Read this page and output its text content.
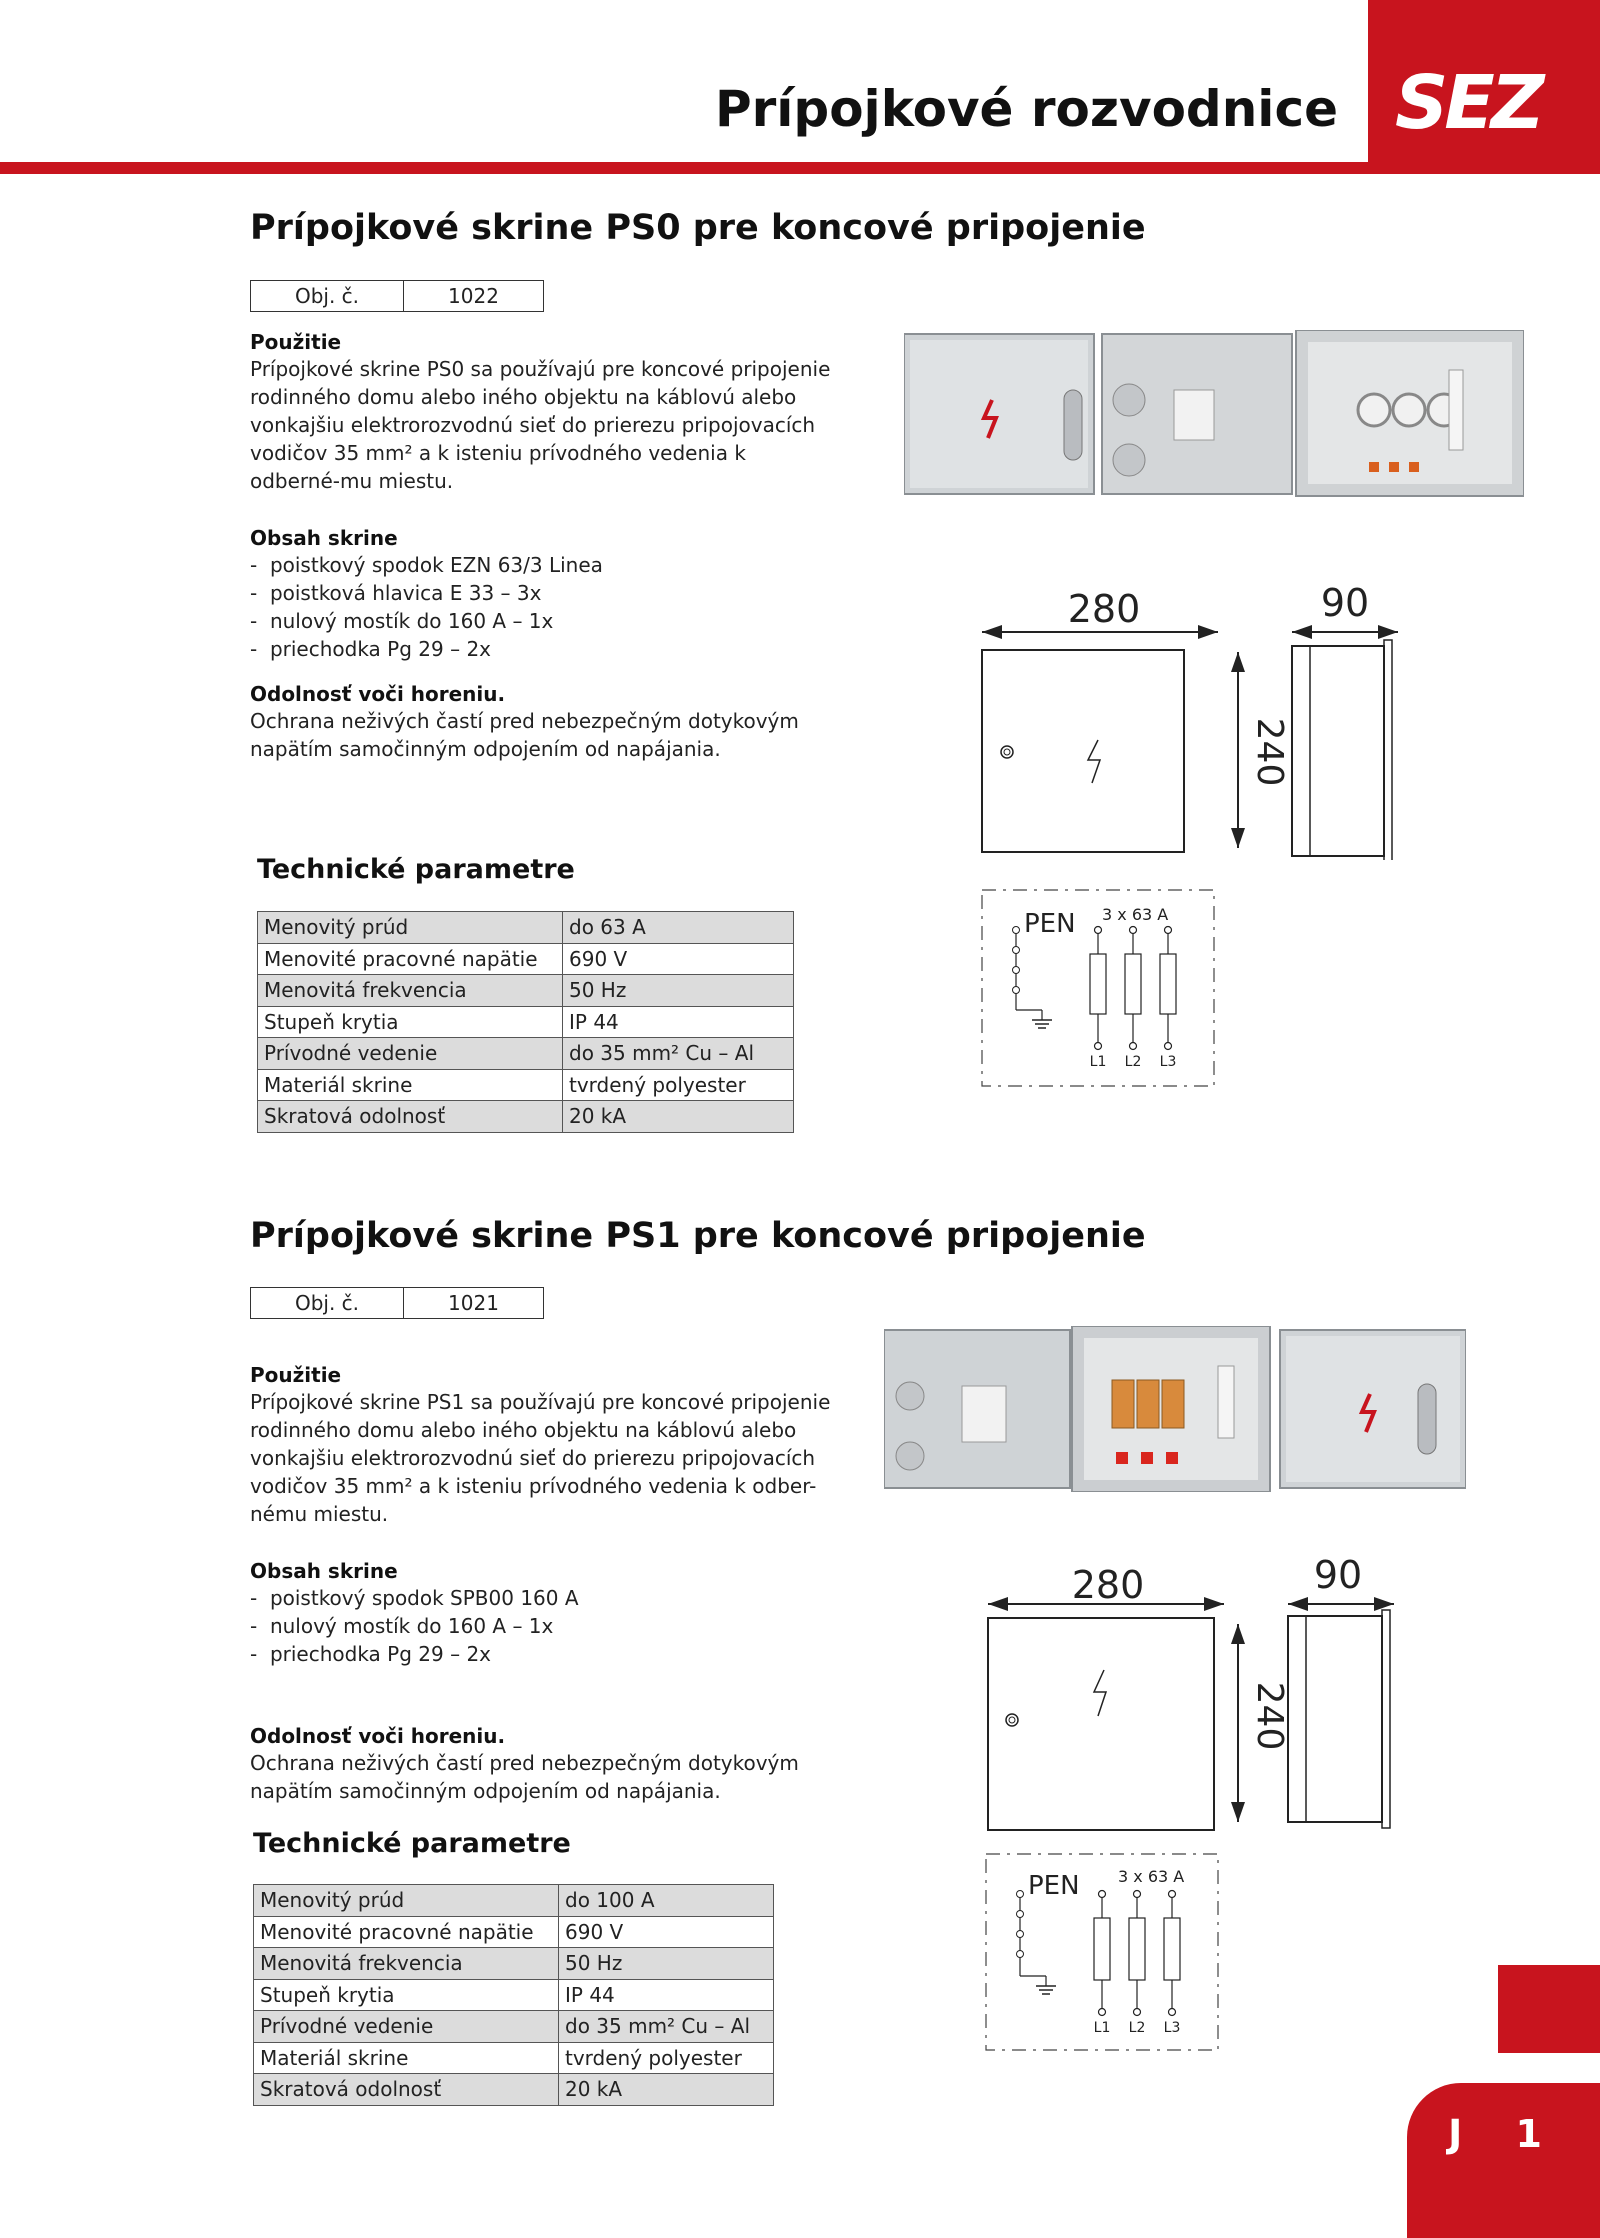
Prípojkové rozvodnice SEZ
Prípojkové skrine PS0 pre koncové pripojenie
Obj. č.	1022
Použitie
Prípojkové skrine PS0 sa používajú pre koncové pripojenie rodinného domu alebo iného objektu na káblovú alebo vonkajšiu elektrorozvodnú sieť do prierezu pripojovacích vodičov 35 mm² a k isteniu prívodného vedenia k odberné-mu miestu.
Obsah skrine
- poistkový spodok EZN 63/3 Linea
- poistková hlavica E 33 – 3x
- nulový mostík do 160 A – 1x
- priechodka Pg 29 – 2x
Odolnosť voči horeniu.
Ochrana neživých častí pred nebezpečným dotykovým napätím samočinným odpojením od napájania.
Technické parametre
Menovitý prúd	do 63 A
Menovité pracovné napätie	690 V
Menovitá frekvencia	50 Hz
Stupeň krytia	IP 44
Prívodné vedenie	do 35 mm² Cu – Al
Materiál skrine	tvrdený polyester
Skratová odolnosť	20 kA
280	90
240
PEN 3 x 63 A
L1 L2 L3
Prípojkové skrine PS1 pre koncové pripojenie
Obj. č.	1021
Použitie
Prípojkové skrine PS1 sa používajú pre koncové pripojenie rodinného domu alebo iného objektu na káblovú alebo vonkajšiu elektrorozvodnú sieť do prierezu pripojovacích vodičov 35 mm² a k isteniu prívodného vedenia k odber-nému miestu.
Obsah skrine
- poistkový spodok SPB00 160 A
- nulový mostík do 160 A – 1x
- priechodka Pg 29 – 2x
Odolnosť voči horeniu.
Ochrana neživých častí pred nebezpečným dotykovým napätím samočinným odpojením od napájania.
Technické parametre
Menovitý prúd	do 100 A
Menovité pracovné napätie	690 V
Menovitá frekvencia	50 Hz
Stupeň krytia	IP 44
Prívodné vedenie	do 35 mm² Cu – Al
Materiál skrine	tvrdený polyester
Skratová odolnosť	20 kA
280	90
240
PEN 3 x 63 A
L1 L2 L3
J 1
